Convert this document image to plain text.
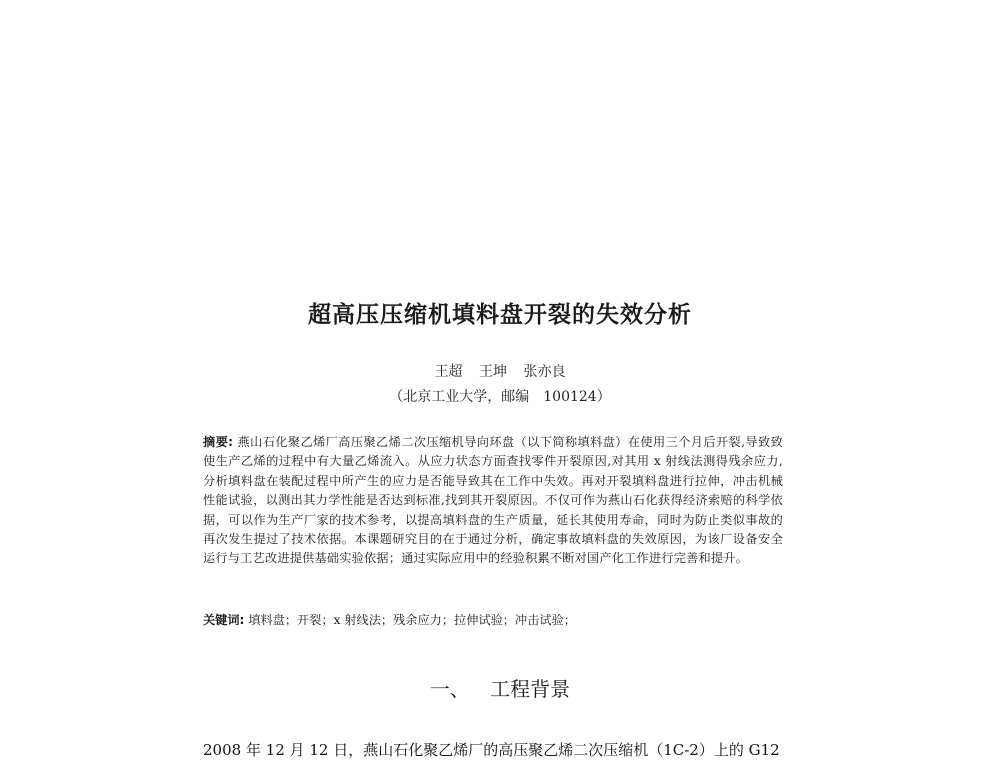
超高压压缩机填料盘开裂的失效分析
王超 王坤 张亦良
（北京工业大学，邮编　100124）
摘要: 燕山石化聚乙烯厂高压聚乙烯二次压缩机导向环盘（以下简称填料盘）在使用三个月后开裂,导致致使生产乙烯的过程中有大量乙烯流入。从应力状态方面查找零件开裂原因,对其用 x 射线法测得残余应力,分析填料盘在装配过程中所产生的应力是否能导致其在工作中失效。再对开裂填料盘进行拉伸，冲击机械性能试验，以测出其力学性能是否达到标准,找到其开裂原因。不仅可作为燕山石化获得经济索赔的科学依据，可以作为生产厂家的技术参考，以提高填料盘的生产质量，延长其使用寿命，同时为防止类似事故的再次发生提过了技术依据。本课题研究目的在于通过分析，确定事故填料盘的失效原因，为该厂设备安全运行与工艺改进提供基础实验依据；通过实际应用中的经验积累不断对国产化工作进行完善和提升。
关键词: 填料盘；开裂；x 射线法；残余应力；拉伸试验；冲击试验；
一、 工程背景
2008 年 12 月 12 日，燕山石化聚乙烯厂的高压聚乙烯二次压缩机（1C-2）上的 G12
